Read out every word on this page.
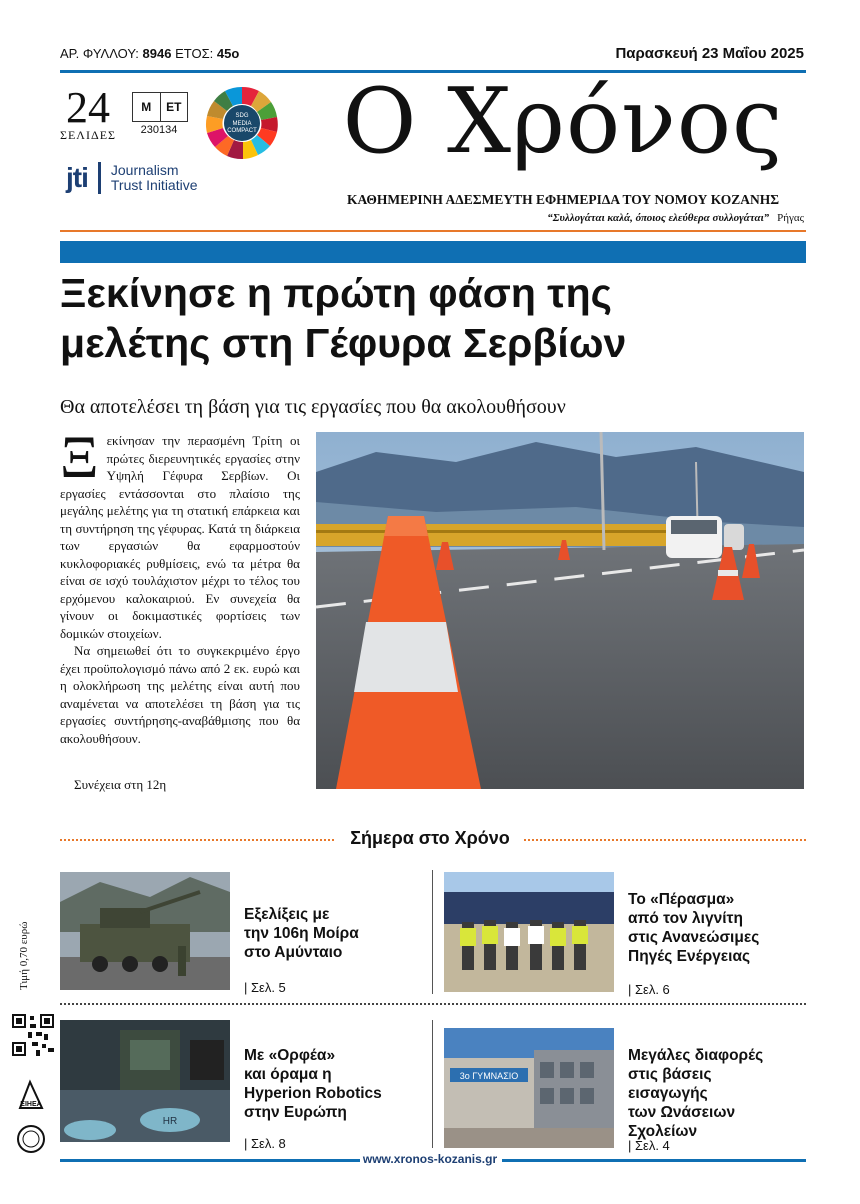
ΑΡ. ΦΥΛΛΟΥ: 8946 ΕΤΟΣ: 45ο	Παρασκευή 23 Μαΐου 2025
24
ΣΕΛΙΔΕΣ
Μ	ΕΤ
230134
SDG
MEDIA
COMPACT
jti Journalism
Trust Initiative
Ο Χρόνος
ΚΑΘΗΜΕΡΙΝΗ ΑΔΕΣΜΕΥΤΗ ΕΦΗΜΕΡΙΔΑ ΤΟΥ ΝΟΜΟΥ ΚΟΖΑΝΗΣ
“Συλλογάται καλά, όποιος ελεύθερα συλλογάται” Ρήγας
Ξεκίνησε η πρώτη φάση της
μελέτης στη Γέφυρα Σερβίων
Θα αποτελέσει τη βάση για τις εργασίες που θα ακολουθήσουν

Ξεκίνησαν την περασμένη Τρίτη οι πρώτες διερευνητικές εργασίες στην Υψηλή Γέφυρα Σερβίων. Οι εργασίες εντάσσονται στο πλαίσιο της μεγάλης μελέτης για τη στατική επάρκεια και τη συντήρηση της γέφυρας. Κατά τη διάρκεια των εργασιών θα εφαρμοστούν κυκλοφοριακές ρυθμίσεις, ενώ τα μέτρα θα είναι σε ισχύ τουλάχιστον μέχρι το τέλος του ερχόμενου καλοκαιριού. Εν συνεχεία θα γίνουν οι δοκιμαστικές φορτίσεις των δομικών στοιχείων.

Να σημειωθεί ότι το συγκεκριμένο έργο έχει προϋπολογισμό πάνω από 2 εκ. ευρώ και η ολοκλήρωση της μελέτης είναι αυτή που αναμένεται να αποτελέσει τη βάση για τις εργασίες συντήρησης-αναβάθμισης που θα ακολουθήσουν.

Συνέχεια στη 12η
Σήμερα στο Χρόνο
Εξελίξεις με
την 106η Μοίρα
στο Αμύνταιο
| Σελ. 5
Το «Πέρασμα»
από τον λιγνίτη
στις Ανανεώσιμες
Πηγές Ενέργειας
| Σελ. 6
HR
Με «Ορφέα»
και όραμα η
Hyperion Robotics
στην Ευρώπη
| Σελ. 8
3ο ΓΥΜΝΑΣΙΟ
Μεγάλες διαφορές
στις βάσεις
εισαγωγής
των Ωνάσειων
Σχολείων
| Σελ. 4
Τιμή 0,70 ευρώ
ΕΙΗΕΑ
www.xronos-kozanis.gr
